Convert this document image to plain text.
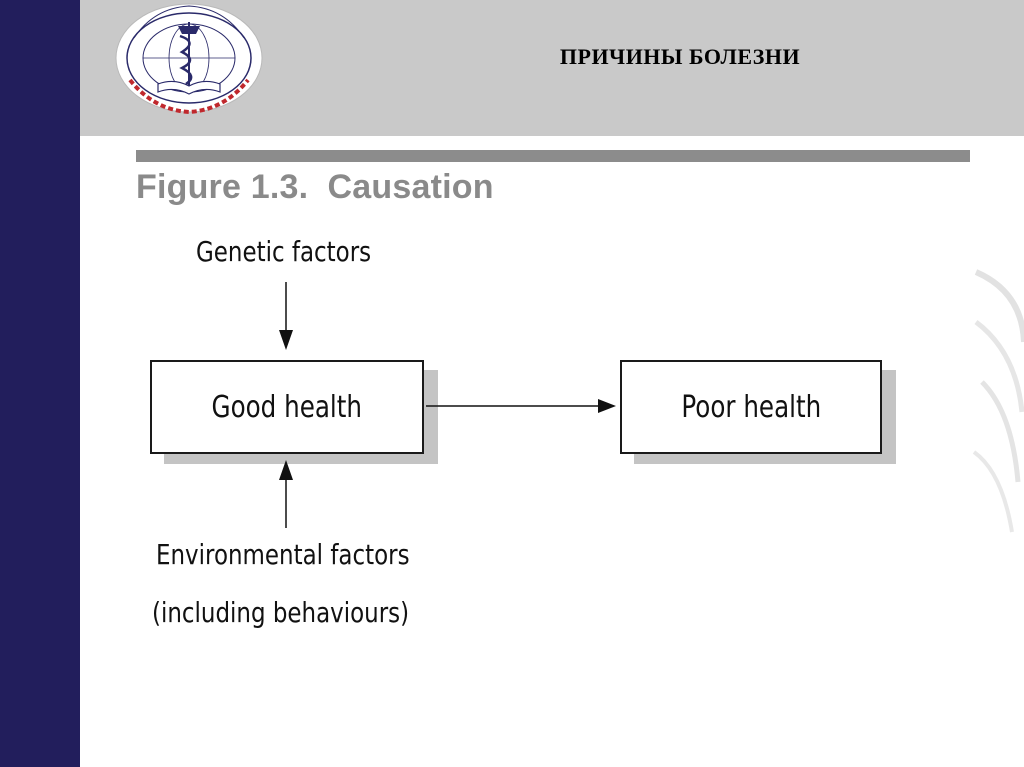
ПРИЧИНЫ БОЛЕЗНИ
Figure 1.3.  Causation
Genetic factors
Good health	Poor health
Environmental factors
(including behaviours)
